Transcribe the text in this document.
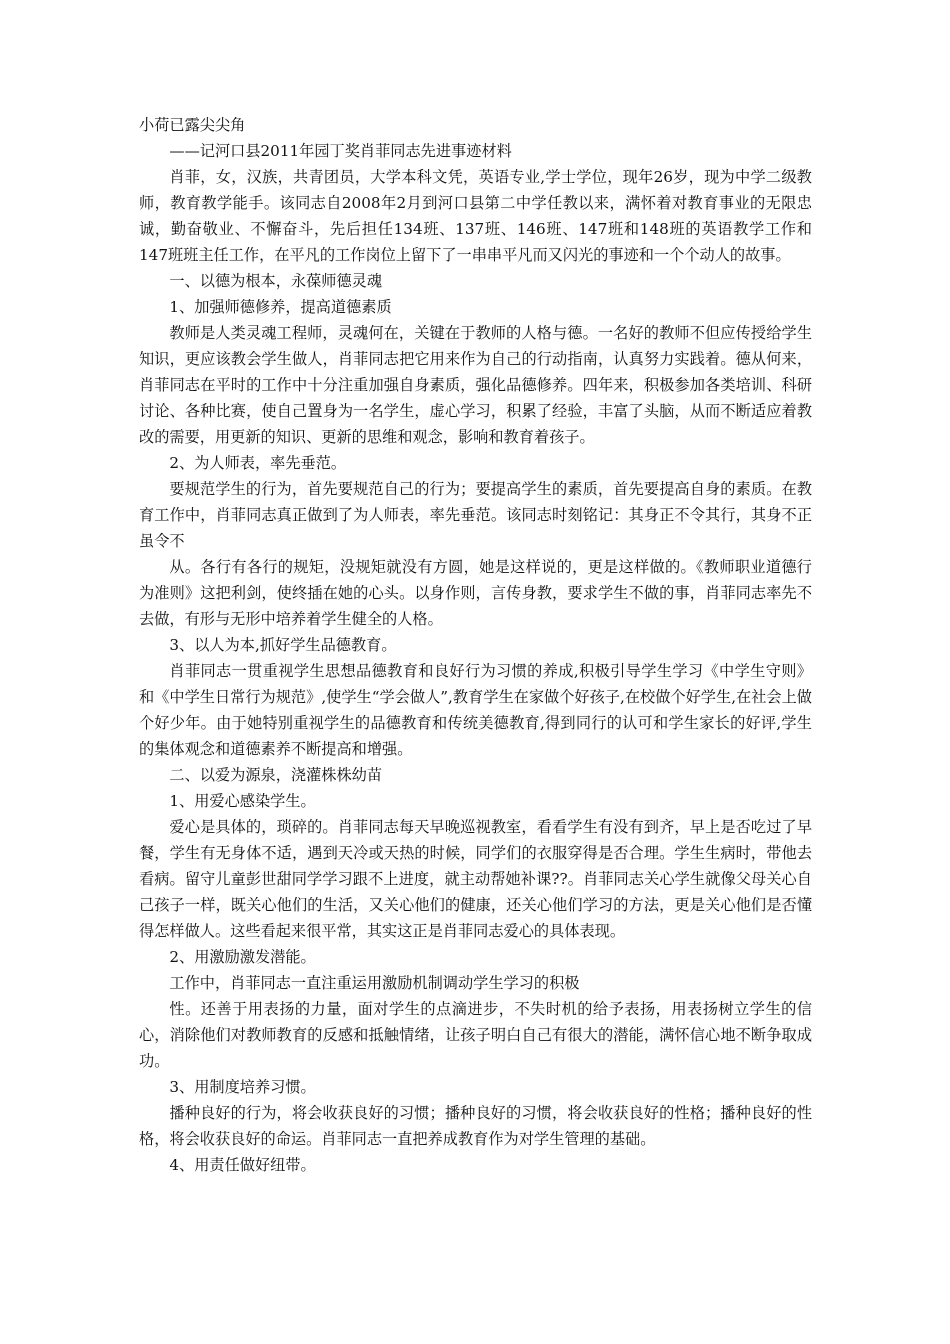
小荷已露尖尖角
——记河口县2011年园丁奖肖菲同志先进事迹材料

肖菲，女，汉族，共青团员，大学本科文凭，英语专业,学士学位，现年26岁，现为中学二级教师，教育教学能手。该同志自2008年2月到河口县第二中学任教以来，满怀着对教育事业的无限忠诚，勤奋敬业、不懈奋斗，先后担任134班、137班、146班、147班和148班的英语教学工作和147班班主任工作，在平凡的工作岗位上留下了一串串平凡而又闪光的事迹和一个个动人的故事。

一、以德为根本，永葆师德灵魂

1、加强师德修养，提高道德素质

教师是人类灵魂工程师，灵魂何在，关键在于教师的人格与德。一名好的教师不但应传授给学生知识，更应该教会学生做人，肖菲同志把它用来作为自己的行动指南，认真努力实践着。德从何来，肖菲同志在平时的工作中十分注重加强自身素质，强化品德修养。四年来，积极参加各类培训、科研讨论、各种比赛，使自己置身为一名学生，虚心学习，积累了经验，丰富了头脑，从而不断适应着教改的需要，用更新的知识、更新的思维和观念，影响和教育着孩子。

2、为人师表，率先垂范。

要规范学生的行为，首先要规范自己的行为；要提高学生的素质，首先要提高自身的素质。在教育工作中，肖菲同志真正做到了为人师表，率先垂范。该同志时刻铭记：其身正不令其行，其身不正虽令不

从。各行有各行的规矩，没规矩就没有方圆，她是这样说的，更是这样做的。《教师职业道德行为准则》这把利剑，使终插在她的心头。以身作则，言传身教，要求学生不做的事，肖菲同志率先不去做，有形与无形中培养着学生健全的人格。

3、以人为本,抓好学生品德教育。

肖菲同志一贯重视学生思想品德教育和良好行为习惯的养成,积极引导学生学习《中学生守则》和《中学生日常行为规范》,使学生“学会做人”,教育学生在家做个好孩子,在校做个好学生,在社会上做个好少年。由于她特别重视学生的品德教育和传统美德教育,得到同行的认可和学生家长的好评,学生的集体观念和道德素养不断提高和增强。

二、以爱为源泉，浇灌株株幼苗

1、用爱心感染学生。

爱心是具体的，琐碎的。肖菲同志每天早晚巡视教室，看看学生有没有到齐，早上是否吃过了早餐，学生有无身体不适，遇到天冷或天热的时候，同学们的衣服穿得是否合理。学生生病时，带他去看病。留守儿童彭世甜同学学习跟不上进度，就主动帮她补课??。肖菲同志关心学生就像父母关心自己孩子一样，既关心他们的生活，又关心他们的健康，还关心他们学习的方法，更是关心他们是否懂得怎样做人。这些看起来很平常，其实这正是肖菲同志爱心的具体表现。

2、用激励激发潜能。

工作中，肖菲同志一直注重运用激励机制调动学生学习的积极

性。还善于用表扬的力量，面对学生的点滴进步，不失时机的给予表扬，用表扬树立学生的信心，消除他们对教师教育的反感和抵触情绪，让孩子明白自己有很大的潜能，满怀信心地不断争取成功。

3、用制度培养习惯。

播种良好的行为，将会收获良好的习惯；播种良好的习惯，将会收获良好的性格；播种良好的性格，将会收获良好的命运。肖菲同志一直把养成教育作为对学生管理的基础。

4、用责任做好纽带。
